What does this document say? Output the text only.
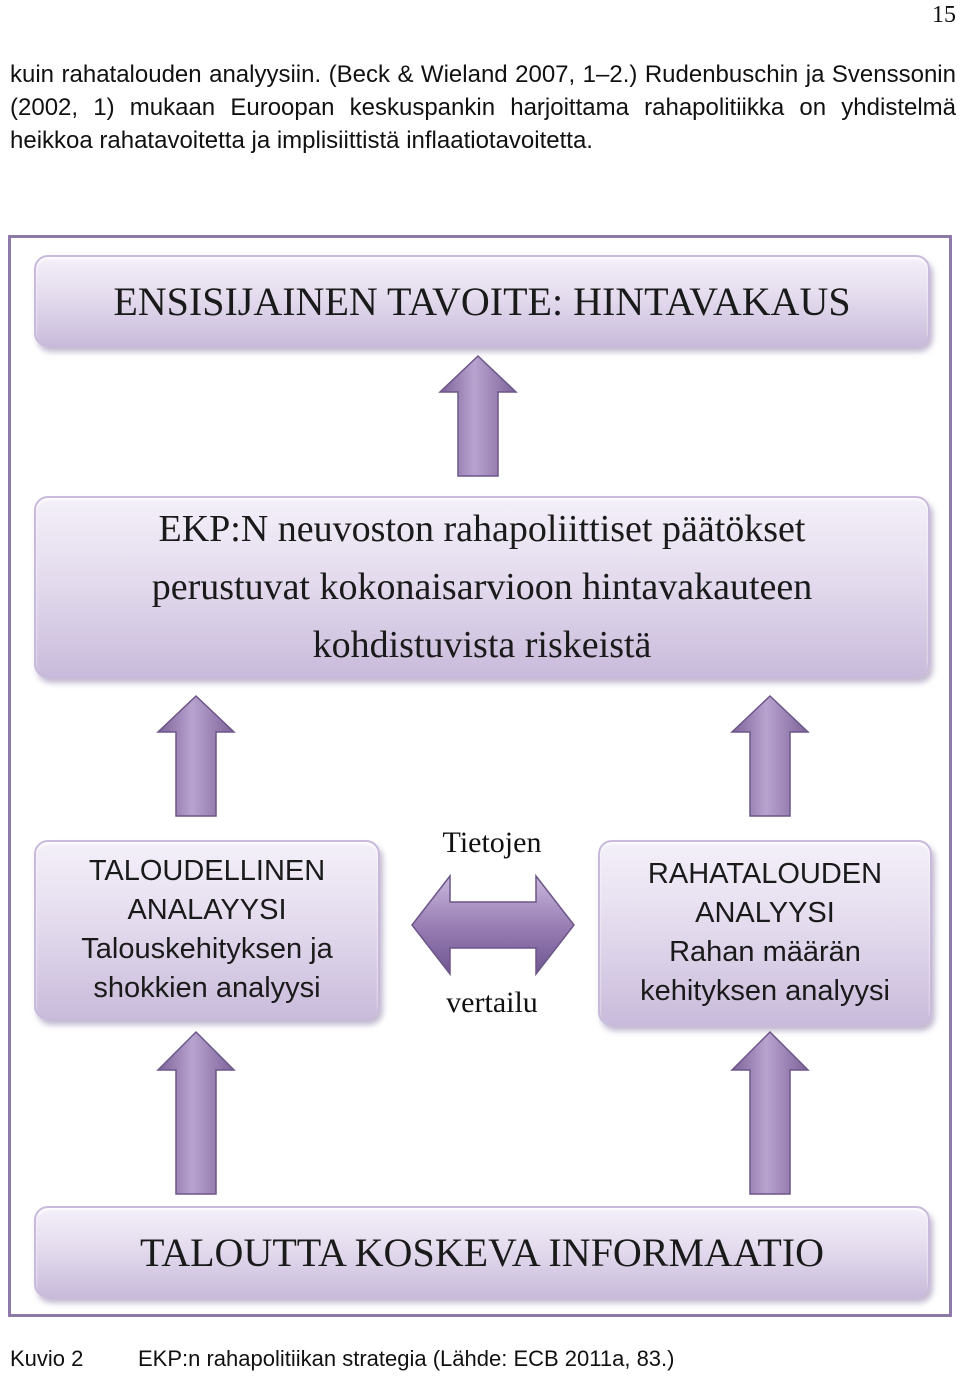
15

kuin rahatalouden analyysiin. (Beck & Wieland 2007, 1–2.) Rudenbuschin ja Svenssonin (2002, 1) mukaan Euroopan keskuspankin harjoittama rahapolitiikka on yhdistelmä heikkoa rahatavoitetta ja implisiittistä inflaatiotavoitetta.

ENSISIJAINEN TAVOITE: HINTAVAKAUS
EKP:N neuvoston rahapoliittiset päätökset
perustuvat kokonaisarvioon hintavakauteen
kohdistuvista riskeistä
TALOUDELLINEN
ANALAYYSI
Talouskehityksen ja
shokkien analyysi
Tietojen
vertailu
RAHATALOUDEN
ANALYYSI
Rahan määrän
kehityksen analyysi
TALOUTTA KOSKEVA INFORMAATIO
Kuvio 2 EKP:n rahapolitiikan strategia (Lähde: ECB 2011a, 83.)
